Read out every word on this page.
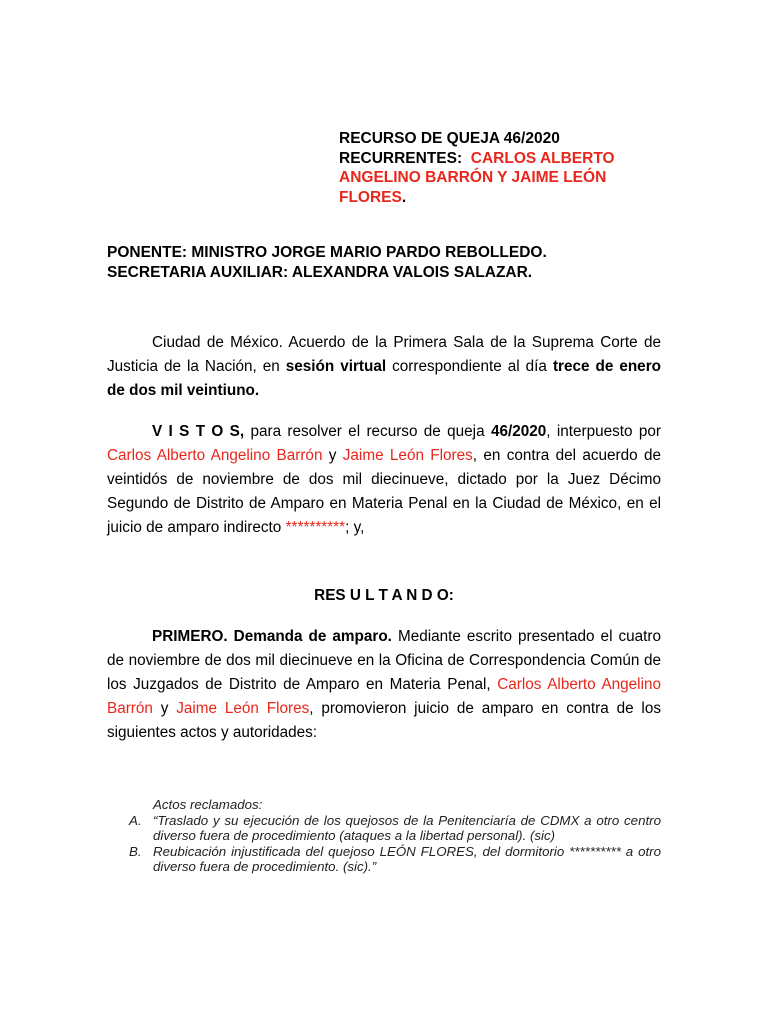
RECURSO DE QUEJA 46/2020
RECURRENTES: CARLOS ALBERTO
ANGELINO BARRÓN Y JAIME LEÓN
FLORES.
PONENTE: MINISTRO JORGE MARIO PARDO REBOLLEDO.
SECRETARIA AUXILIAR: ALEXANDRA VALOIS SALAZAR.
Ciudad de México. Acuerdo de la Primera Sala de la Suprema Corte de Justicia de la Nación, en sesión virtual correspondiente al día trece de enero de dos mil veintiuno.
V I S T O S, para resolver el recurso de queja 46/2020, interpuesto por Carlos Alberto Angelino Barrón y Jaime León Flores, en contra del acuerdo de veintidós de noviembre de dos mil diecinueve, dictado por la Juez Décimo Segundo de Distrito de Amparo en Materia Penal en la Ciudad de México, en el juicio de amparo indirecto **********; y,
RES U L T A N D O:
PRIMERO. Demanda de amparo. Mediante escrito presentado el cuatro de noviembre de dos mil diecinueve en la Oficina de Correspondencia Común de los Juzgados de Distrito de Amparo en Materia Penal, Carlos Alberto Angelino Barrón y Jaime León Flores, promovieron juicio de amparo en contra de los siguientes actos y autoridades:
Actos reclamados:
A. “Traslado y su ejecución de los quejosos de la Penitenciaría de CDMX a otro centro diverso fuera de procedimiento (ataques a la libertad personal). (sic)
B. Reubicación injustificada del quejoso LEÓN FLORES, del dormitorio ********** a otro diverso fuera de procedimiento. (sic).”
